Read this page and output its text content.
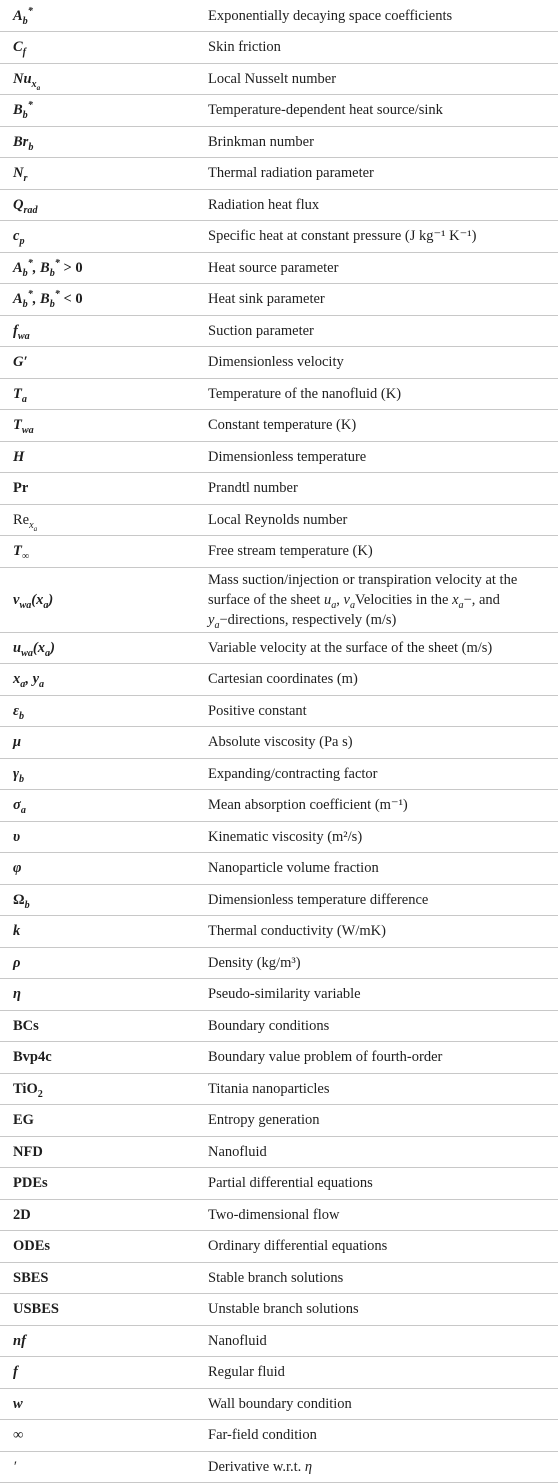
$A_b^*$	Exponentially decaying space coefficients
$C_f$	Skin friction
$Nu_{x_a}$	Local Nusselt number
$B_b^*$	Temperature-dependent heat source/sink
$Br_b$	Brinkman number
$N_r$	Thermal radiation parameter
$Q_{rad}$	Radiation heat flux
$c_p$	Specific heat at constant pressure (J kg⁻¹ K⁻¹)
$A_b^*$, $B_b^* > 0$	Heat source parameter
$A_b^*$, $B_b^* < 0$	Heat sink parameter
$f_{wa}$	Suction parameter
G′	Dimensionless velocity
$T_a$	Temperature of the nanofluid (K)
$T_{wa}$	Constant temperature (K)
H	Dimensionless temperature
Pr	Prandtl number
$Re_{x_a}$	Local Reynolds number
$T_\infty$	Free stream temperature (K)
$v_{wa}(x_a)$	Mass suction/injection or transpiration velocity at the surface of the sheet $u_a$, $v_aVelocities$ in the $x_a-$, and $y_a-directions$, respectively (m/s)
$u_{wa}(x_a)$	Variable velocity at the surface of the sheet (m/s)
$x_a$, $y_a$	Cartesian coordinates (m)
$\varepsilon_b$	Positive constant
μ	Absolute viscosity (Pa s)
$\gamma_b$	Expanding/contracting factor
$\sigma_a$	Mean absorption coefficient (m⁻¹)
υ	Kinematic viscosity (m²/s)
φ	Nanoparticle volume fraction
$\Omega_b$	Dimensionless temperature difference
k	Thermal conductivity (W/mK)
ρ	Density (kg/m³)
η	Pseudo-similarity variable
BCs	Boundary conditions
Bvp4c	Boundary value problem of fourth-order
TiO$_2$	Titania nanoparticles
EG	Entropy generation
NFD	Nanofluid
PDEs	Partial differential equations
2D	Two-dimensional flow
ODEs	Ordinary differential equations
SBES	Stable branch solutions
USBES	Unstable branch solutions
nf	Nanofluid
f	Regular fluid
w	Wall boundary condition
∞	Far-field condition
′	Derivative w.r.t. η
